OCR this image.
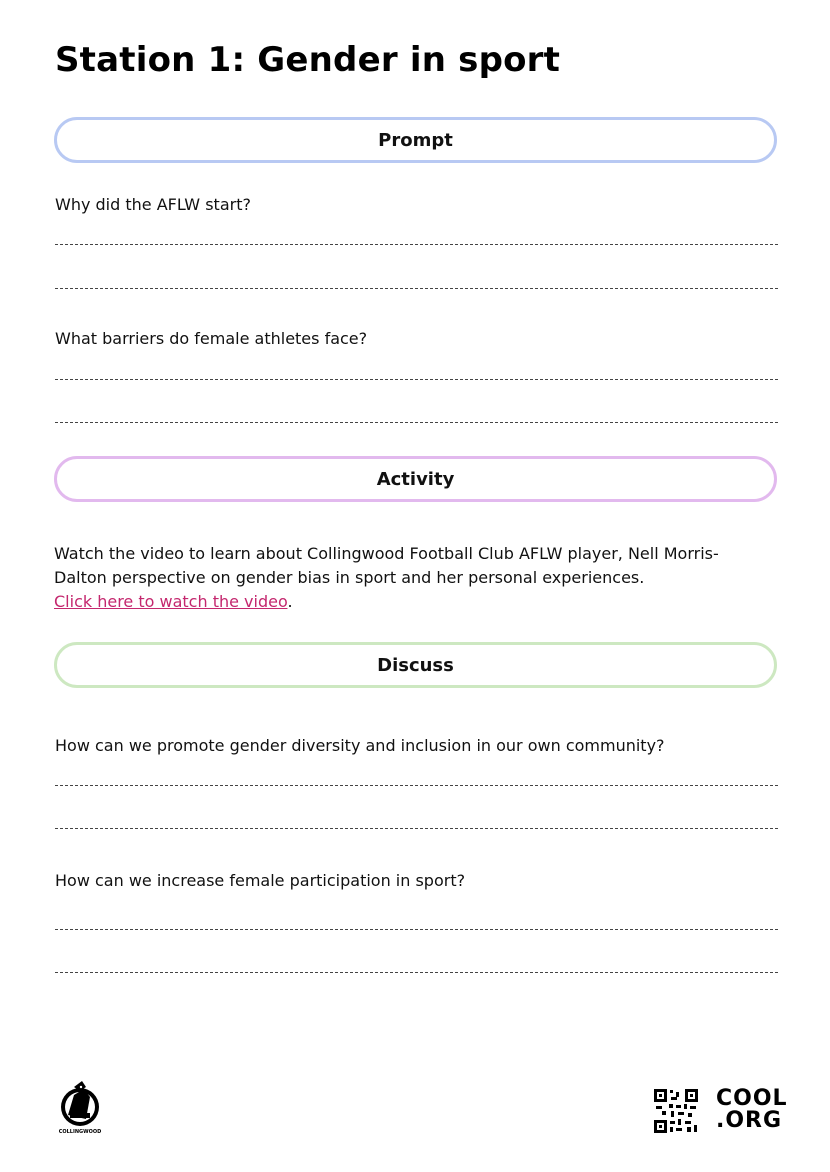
Station 1: Gender in sport
Prompt
Why did the AFLW start?
What barriers do female athletes face?
Activity

Watch the video to learn about Collingwood Football Club AFLW player, Nell Morris-Dalton perspective on gender bias in sport and her personal experiences.
Click here to watch the video.

Discuss
How can we promote gender diversity and inclusion in our own community?
How can we increase female participation in sport?
COLLINGWOOD
COOL
.ORG
